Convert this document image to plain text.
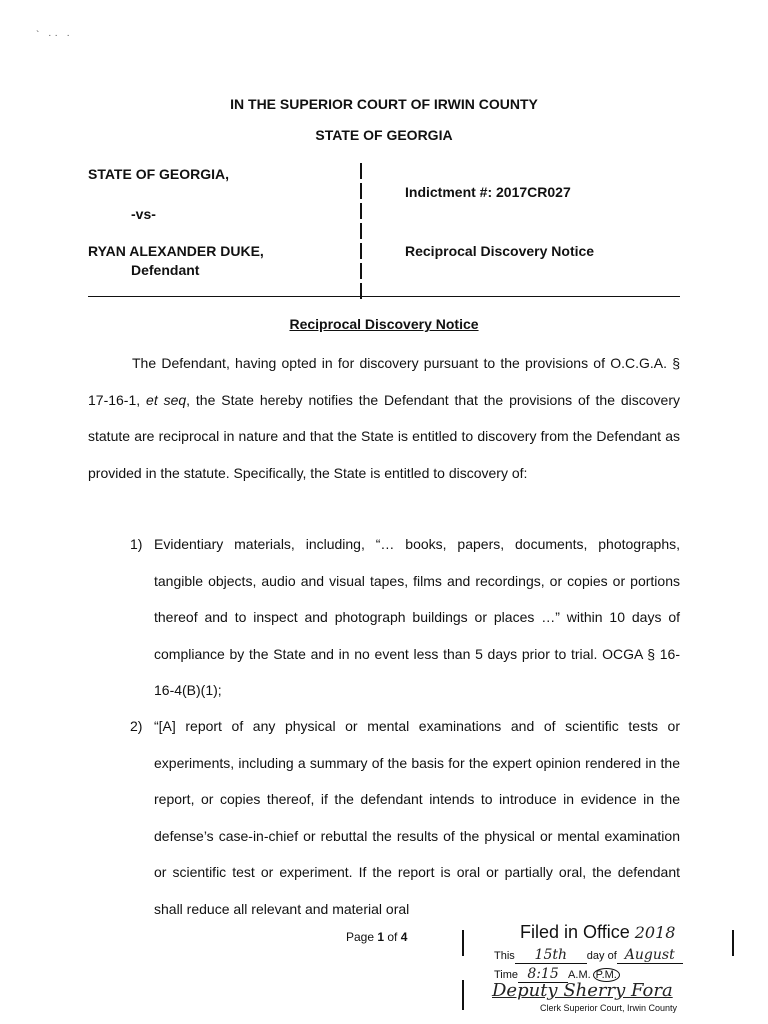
` ·· ·
IN THE SUPERIOR COURT OF IRWIN COUNTY
STATE OF GEORGIA
STATE OF GEORGIA,
-vs-
RYAN ALEXANDER DUKE,
Defendant
Indictment #: 2017CR027
Reciprocal Discovery Notice
Reciprocal Discovery Notice

The Defendant, having opted in for discovery pursuant to the provisions of O.C.G.A. § 17-16-1, et seq, the State hereby notifies the Defendant that the provisions of the discovery statute are reciprocal in nature and that the State is entitled to discovery from the Defendant as provided in the statute. Specifically, the State is entitled to discovery of:

1) Evidentiary materials, including, “… books, papers, documents, photographs, tangible objects, audio and visual tapes, films and recordings, or copies or portions thereof and to inspect and photograph buildings or places …” within 10 days of compliance by the State and in no event less than 5 days prior to trial. OCGA § 16-16-4(B)(1);
2) “[A] report of any physical or mental examinations and of scientific tests or experiments, including a summary of the basis for the expert opinion rendered in the report, or copies thereof, if the defendant intends to introduce in evidence in the defense’s case-in-chief or rebuttal the results of the physical or mental examination or scientific test or experiment. If the report is oral or partially oral, the defendant shall reduce all relevant and material oral
Page 1 of 4	Filed in Office 2018
This 15th day of August
Time 8:15 A.M. P.M.
Deputy Sherry Fora
Clerk Superior Court, Irwin County
